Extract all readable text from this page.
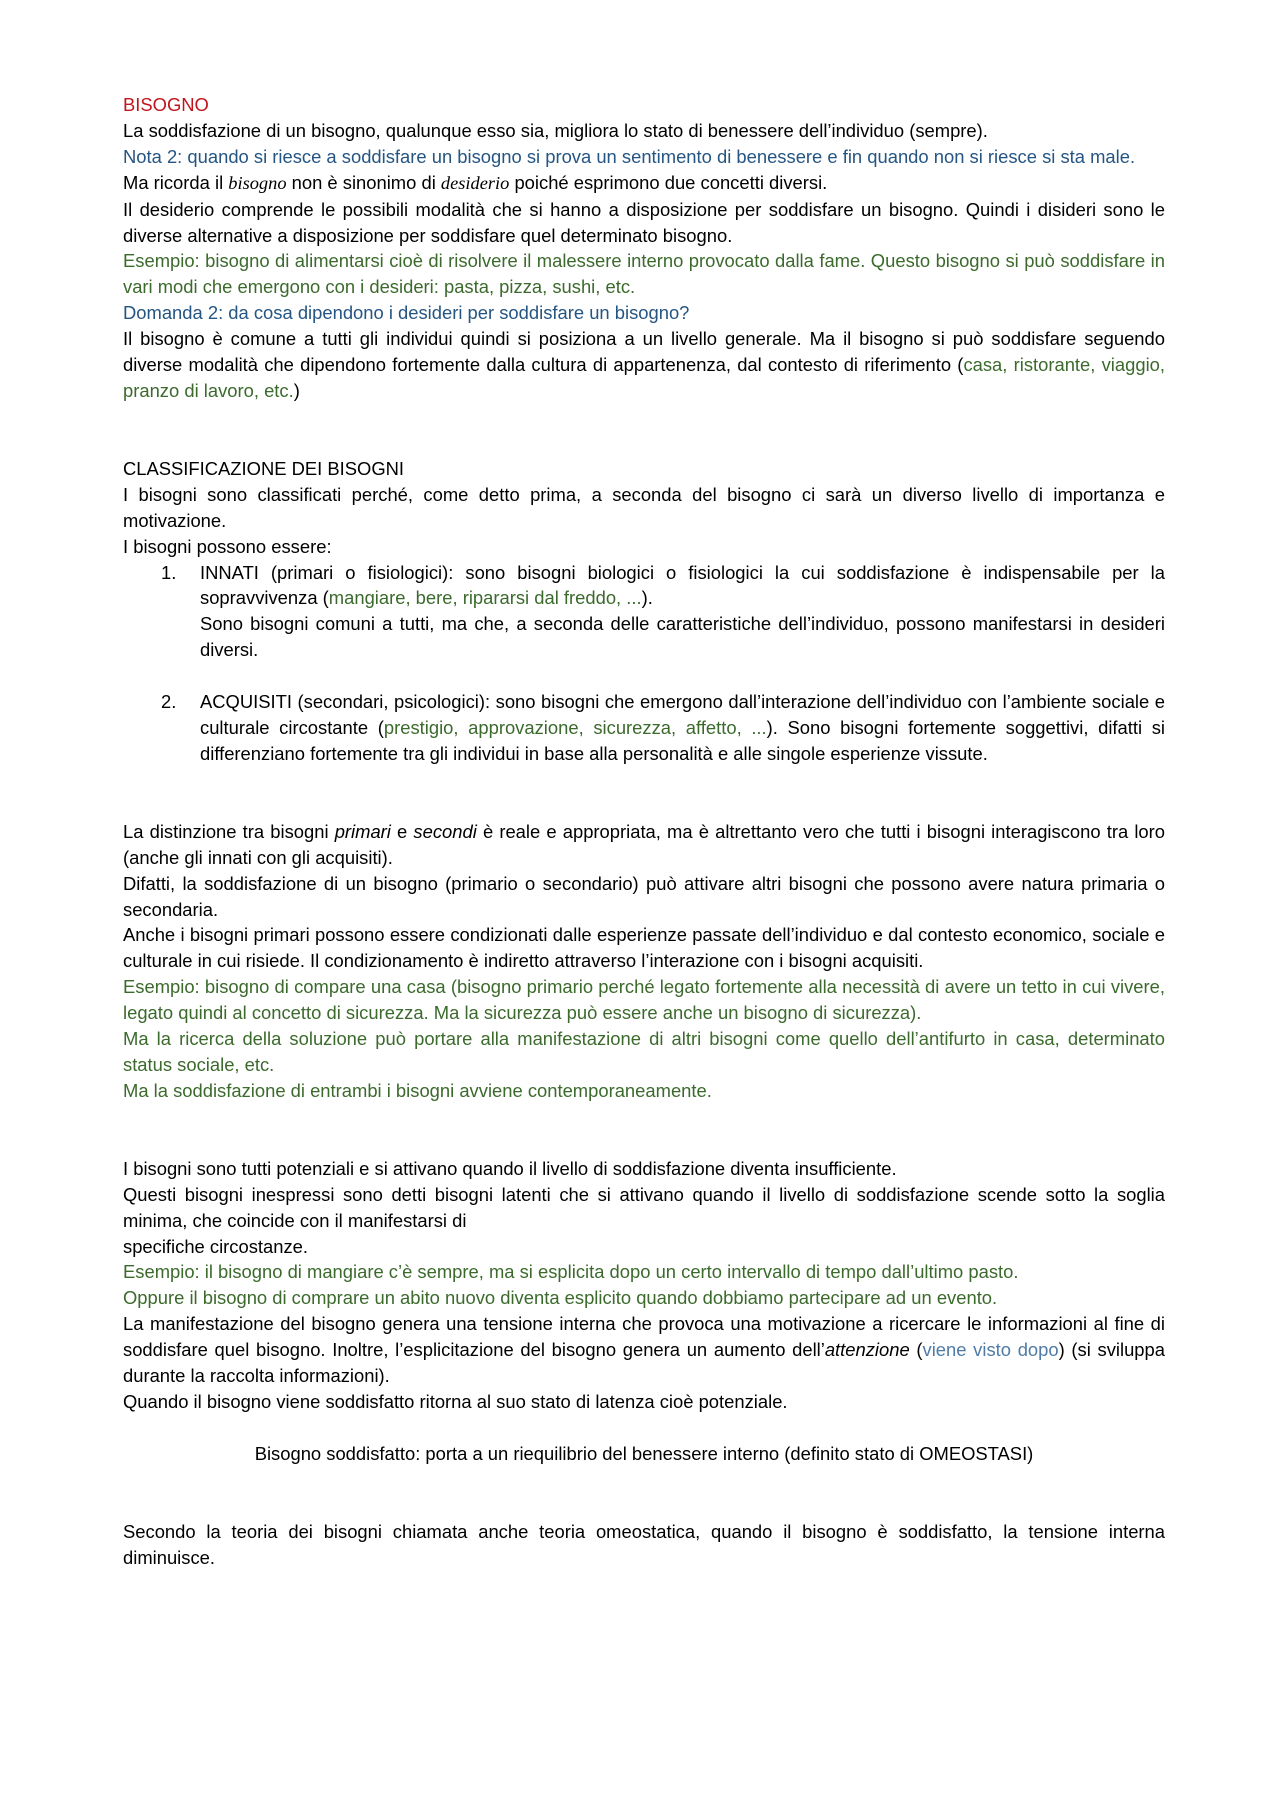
BISOGNO

La soddisfazione di un bisogno, qualunque esso sia, migliora lo stato di benessere dell’individuo (sempre).

Nota 2: quando si riesce a soddisfare un bisogno si prova un sentimento di benessere e fin quando non si riesce si sta male.

Ma ricorda il bisogno non è sinonimo di desiderio poiché esprimono due concetti diversi.

Il desiderio comprende le possibili modalità che si hanno a disposizione per soddisfare un bisogno. Quindi i disideri sono le diverse alternative a disposizione per soddisfare quel determinato bisogno.

Esempio: bisogno di alimentarsi cioè di risolvere il malessere interno provocato dalla fame. Questo bisogno si può soddisfare in vari modi che emergono con i desideri: pasta, pizza, sushi, etc.

Domanda 2: da cosa dipendono i desideri per soddisfare un bisogno?

Il bisogno è comune a tutti gli individui quindi si posiziona a un livello generale. Ma il bisogno si può soddisfare seguendo diverse modalità che dipendono fortemente dalla cultura di appartenenza, dal contesto di riferimento (casa, ristorante, viaggio, pranzo di lavoro, etc.)

CLASSIFICAZIONE DEI BISOGNI

I bisogni sono classificati perché, come detto prima, a seconda del bisogno ci sarà un diverso livello di importanza e motivazione.

I bisogni possono essere:

1. INNATI (primari o fisiologici): sono bisogni biologici o fisiologici la cui soddisfazione è indispensabile per la sopravvivenza (mangiare, bere, ripararsi dal freddo, ...).
Sono bisogni comuni a tutti, ma che, a seconda delle caratteristiche dell’individuo, possono manifestarsi in desideri diversi.
2. ACQUISITI (secondari, psicologici): sono bisogni che emergono dall’interazione dell’individuo con l’ambiente sociale e culturale circostante (prestigio, approvazione, sicurezza, affetto, ...). Sono bisogni fortemente soggettivi, difatti si differenziano fortemente tra gli individui in base alla personalità e alle singole esperienze vissute.

La distinzione tra bisogni primari e secondi è reale e appropriata, ma è altrettanto vero che tutti i bisogni interagiscono tra loro (anche gli innati con gli acquisiti).

Difatti, la soddisfazione di un bisogno (primario o secondario) può attivare altri bisogni che possono avere natura primaria o secondaria.

Anche i bisogni primari possono essere condizionati dalle esperienze passate dell’individuo e dal contesto economico, sociale e culturale in cui risiede. Il condizionamento è indiretto attraverso l’interazione con i bisogni acquisiti.

Esempio: bisogno di compare una casa (bisogno primario perché legato fortemente alla necessità di avere un tetto in cui vivere, legato quindi al concetto di sicurezza. Ma la sicurezza può essere anche un bisogno di sicurezza).

Ma la ricerca della soluzione può portare alla manifestazione di altri bisogni come quello dell’antifurto in casa, determinato status sociale, etc.

Ma la soddisfazione di entrambi i bisogni avviene contemporaneamente.

I bisogni sono tutti potenziali e si attivano quando il livello di soddisfazione diventa insufficiente.

Questi bisogni inespressi sono detti bisogni latenti che si attivano quando il livello di soddisfazione scende sotto la soglia minima, che coincide con il manifestarsi di

specifiche circostanze.

Esempio: il bisogno di mangiare c’è sempre, ma si esplicita dopo un certo intervallo di tempo dall’ultimo pasto.

Oppure il bisogno di comprare un abito nuovo diventa esplicito quando dobbiamo partecipare ad un evento.

La manifestazione del bisogno genera una tensione interna che provoca una motivazione a ricercare le informazioni al fine di soddisfare quel bisogno. Inoltre, l’esplicitazione del bisogno genera un aumento dell’attenzione (viene visto dopo) (si sviluppa durante la raccolta informazioni).

Quando il bisogno viene soddisfatto ritorna al suo stato di latenza cioè potenziale.

Bisogno soddisfatto: porta a un riequilibrio del benessere interno (definito stato di OMEOSTASI)

Secondo la teoria dei bisogni chiamata anche teoria omeostatica, quando il bisogno è soddisfatto, la tensione interna diminuisce.
